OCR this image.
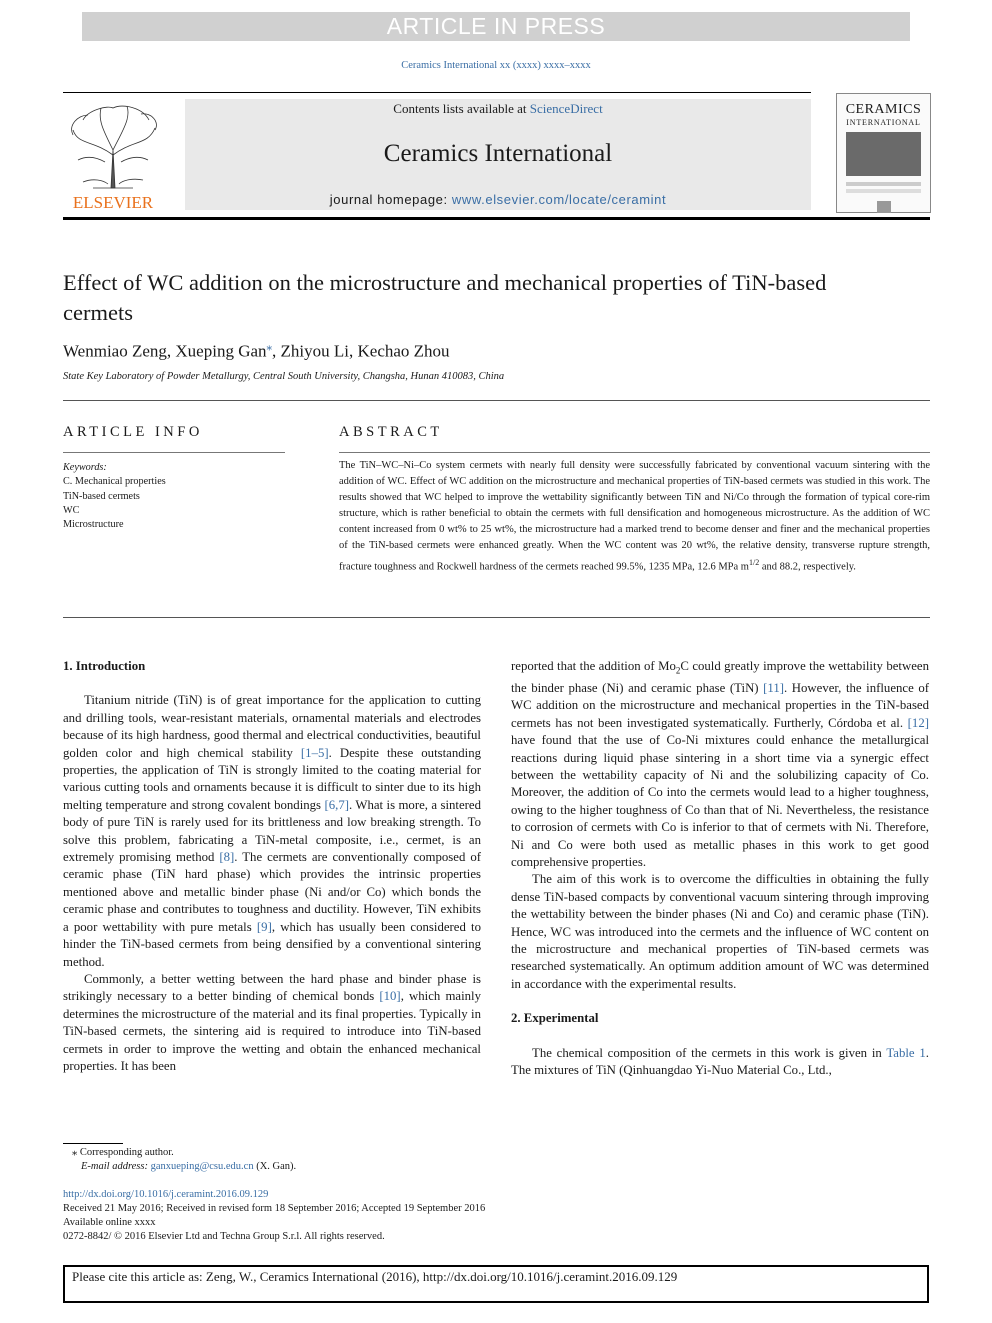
ARTICLE IN PRESS
Ceramics International xx (xxxx) xxxx–xxxx
ELSEVIER
Contents lists available at ScienceDirect
Ceramics International
journal homepage: www.elsevier.com/locate/ceramint
CERAMICS
INTERNATIONAL
Effect of WC addition on the microstructure and mechanical properties of TiN-based cermets
Wenmiao Zeng, Xueping Gan⁎, Zhiyou Li, Kechao Zhou
State Key Laboratory of Powder Metallurgy, Central South University, Changsha, Hunan 410083, China
ARTICLE INFO
Keywords:
C. Mechanical properties
TiN-based cermets
WC
Microstructure
ABSTRACT
The TiN–WC–Ni–Co system cermets with nearly full density were successfully fabricated by conventional vacuum sintering with the addition of WC. Effect of WC addition on the microstructure and mechanical properties of TiN-based cermets was studied in this work. The results showed that WC helped to improve the wettability significantly between TiN and Ni/Co through the formation of typical core-rim structure, which is rather beneficial to obtain the cermets with full densification and homogeneous microstructure. As the addition of WC content increased from 0 wt% to 25 wt%, the microstructure had a marked trend to become denser and finer and the mechanical properties of the TiN-based cermets were enhanced greatly. When the WC content was 20 wt%, the relative density, transverse rupture strength, fracture toughness and Rockwell hardness of the cermets reached 99.5%, 1235 MPa, 12.6 MPa $m^{1/2}$ and 88.2, respectively.

1. Introduction

Titanium nitride (TiN) is of great importance for the application to cutting and drilling tools, wear-resistant materials, ornamental materials and electrodes because of its high hardness, good thermal and electrical conductivities, beautiful golden color and high chemical stability [1–5]. Despite these outstanding properties, the application of TiN is strongly limited to the coating material for various cutting tools and ornaments because it is difficult to sinter due to its high melting temperature and strong covalent bondings [6,7]. What is more, a sintered body of pure TiN is rarely used for its brittleness and low breaking strength. To solve this problem, fabricating a TiN-metal composite, i.e., cermet, is an extremely promising method [8]. The cermets are conventionally composed of ceramic phase (TiN hard phase) which provides the intrinsic properties mentioned above and metallic binder phase (Ni and/or Co) which bonds the ceramic phase and contributes to toughness and ductility. However, TiN exhibits a poor wettability with pure metals [9], which has usually been considered to hinder the TiN-based cermets from being densified by a conventional sintering method.

Commonly, a better wetting between the hard phase and binder phase is strikingly necessary to a better binding of chemical bonds [10], which mainly determines the microstructure of the material and its final properties. Typically in TiN-based cermets, the sintering aid is required to introduce into TiN-based cermets in order to improve the wetting and obtain the enhanced mechanical properties. It has been

reported that the addition of $Mo_2C$ could greatly improve the wettability between the binder phase (Ni) and ceramic phase (TiN) [11]. However, the influence of WC addition on the microstructure and mechanical properties in the TiN-based cermets has not been investigated systematically. Furtherly, Córdoba et al. [12] have found that the use of Co-Ni mixtures could enhance the metallurgical reactions during liquid phase sintering in a short time via a synergic effect between the wettability capacity of Ni and the solubilizing capacity of Co. Moreover, the addition of Co into the cermets would lead to a higher toughness, owing to the higher toughness of Co than that of Ni. Nevertheless, the resistance to corrosion of cermets with Co is inferior to that of cermets with Ni. Therefore, Ni and Co were both used as metallic phases in this work to get good comprehensive properties.

The aim of this work is to overcome the difficulties in obtaining the fully dense TiN-based compacts by conventional vacuum sintering through improving the wettability between the binder phases (Ni and Co) and ceramic phase (TiN). Hence, WC was introduced into the cermets and the influence of WC content on the microstructure and mechanical properties of TiN-based cermets was researched systematically. An optimum addition amount of WC was determined in accordance with the experimental results.

2. Experimental

The chemical composition of the cermets in this work is given in Table 1. The mixtures of TiN (Qinhuangdao Yi-Nuo Material Co., Ltd.,

⁎ Corresponding author.
E-mail address: ganxueping@csu.edu.cn (X. Gan).
http://dx.doi.org/10.1016/j.ceramint.2016.09.129
Received 21 May 2016; Received in revised form 18 September 2016; Accepted 19 September 2016
Available online xxxx
0272-8842/ © 2016 Elsevier Ltd and Techna Group S.r.l. All rights reserved.
Please cite this article as: Zeng, W., Ceramics International (2016), http://dx.doi.org/10.1016/j.ceramint.2016.09.129
